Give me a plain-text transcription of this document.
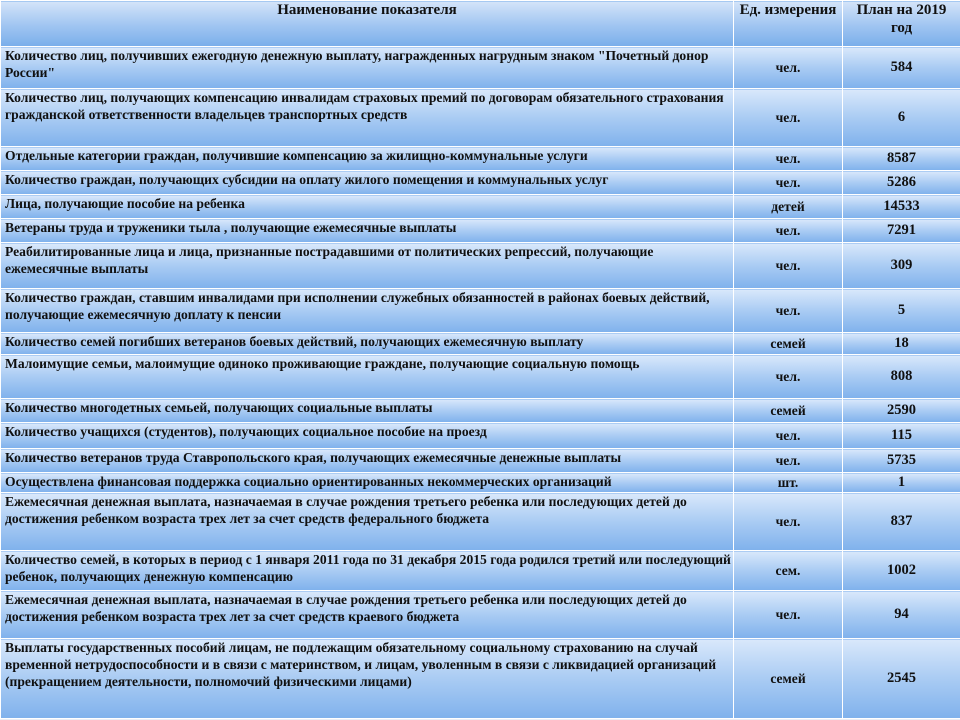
Наименование показателя	Ед. измерения	План на 2019 год
Количество лиц, получивших ежегодную денежную выплату, награжденных нагрудным знаком "Почетный донор России"	чел.	584
Количество лиц, получающих компенсацию инвалидам страховых премий по договорам обязательного страхования гражданской ответственности владельцев транспортных средств	чел.	6
Отдельные категории граждан, получившие компенсацию за жилищно-коммунальные услуги	чел.	8587
Количество граждан, получающих субсидии на оплату жилого помещения и коммунальных услуг	чел.	5286
Лица, получающие пособие на ребенка	детей	14533
Ветераны труда и труженики тыла , получающие ежемесячные выплаты	чел.	7291
Реабилитированные лица и лица, признанные пострадавшими от политических репрессий, получающие ежемесячные выплаты	чел.	309
Количество граждан, ставшим инвалидами при исполнении служебных обязанностей в районах боевых действий, получающие ежемесячную доплату к пенсии	чел.	5
Количество семей погибших ветеранов боевых действий, получающих ежемесячную выплату	семей	18
Малоимущие семьи, малоимущие одиноко проживающие граждане, получающие социальную помощь	чел.	808
Количество многодетных семьей, получающих социальные выплаты	семей	2590
Количество учащихся (студентов), получающих социальное пособие на проезд	чел.	115
Количество ветеранов труда Ставропольского края, получающих ежемесячные денежные выплаты	чел.	5735
Осуществлена финансовая поддержка социально ориентированных некоммерческих организаций	шт.	1
Ежемесячная денежная выплата, назначаемая в случае рождения третьего ребенка или последующих детей до достижения ребенком возраста трех лет за счет средств федерального бюджета	чел.	837
Количество семей, в которых в период с 1 января 2011 года по 31 декабря 2015 года родился третий или последующий ребенок, получающих денежную компенсацию	сем.	1002
Ежемесячная денежная выплата, назначаемая в случае рождения третьего ребенка или последующих детей до достижения ребенком возраста трех лет за счет средств краевого бюджета	чел.	94
Выплаты государственных пособий лицам, не подлежащим обязательному социальному страхованию на случай временной нетрудоспособности и в связи с материнством, и лицам, уволенным в связи с ликвидацией организаций (прекращением деятельности, полномочий физическими лицами)	семей	2545
